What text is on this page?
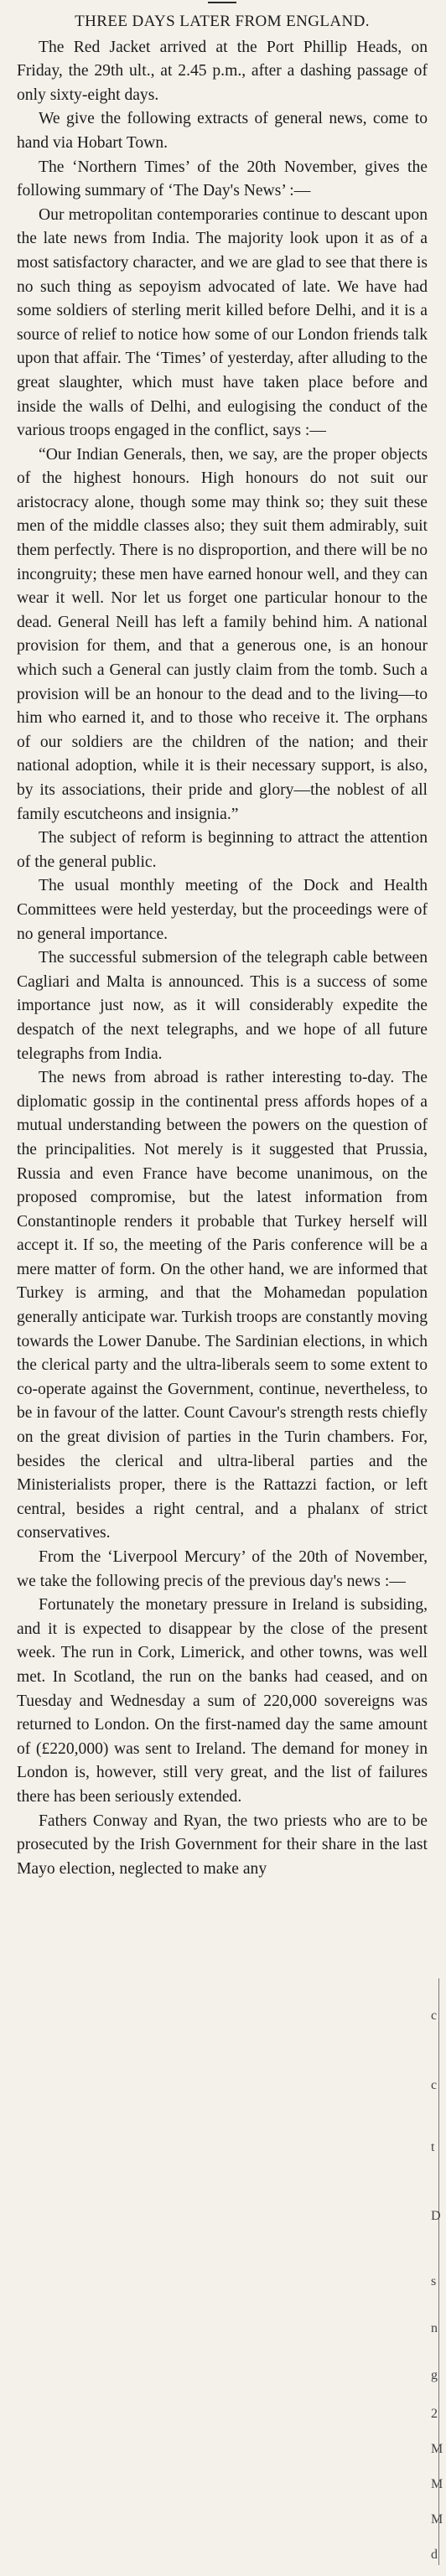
THREE DAYS LATER FROM ENGLAND.

The Red Jacket arrived at the Port Phillip Heads, on Friday, the 29th ult., at 2.45 p.m., after a dashing passage of only sixty-eight days.

We give the following extracts of general news, come to hand via Hobart Town.

The ‘Northern Times’ of the 20th November, gives the following summary of ‘The Day's News’ :—

Our metropolitan contemporaries continue to descant upon the late news from India. The majority look upon it as of a most satisfactory character, and we are glad to see that there is no such thing as sepoyism advocated of late. We have had some soldiers of sterling merit killed before Delhi, and it is a source of relief to notice how some of our London friends talk upon that affair. The ‘Times’ of yesterday, after alluding to the great slaughter, which must have taken place before and inside the walls of Delhi, and eulogising the conduct of the various troops engaged in the conflict, says :—

“Our Indian Generals, then, we say, are the proper objects of the highest honours. High honours do not suit our aristocracy alone, though some may think so; they suit these men of the middle classes also; they suit them admirably, suit them perfectly. There is no disproportion, and there will be no incongruity; these men have earned honour well, and they can wear it well. Nor let us forget one particular honour to the dead. General Neill has left a family behind him. A national provision for them, and that a generous one, is an honour which such a General can justly claim from the tomb. Such a provision will be an honour to the dead and to the living—to him who earned it, and to those who receive it. The orphans of our soldiers are the children of the nation; and their national adoption, while it is their necessary support, is also, by its associations, their pride and glory—the noblest of all family escutcheons and insignia.”

The subject of reform is beginning to attract the attention of the general public.

The usual monthly meeting of the Dock and Health Committees were held yesterday, but the proceedings were of no general importance.

The successful submersion of the telegraph cable between Cagliari and Malta is announced. This is a success of some importance just now, as it will considerably expedite the despatch of the next telegraphs, and we hope of all future telegraphs from India.

The news from abroad is rather interesting to-day. The diplomatic gossip in the continental press affords hopes of a mutual understanding between the powers on the question of the principalities. Not merely is it suggested that Prussia, Russia and even France have become unanimous, on the proposed compromise, but the latest information from Constantinople renders it probable that Turkey herself will accept it. If so, the meeting of the Paris conference will be a mere matter of form. On the other hand, we are informed that Turkey is arming, and that the Mohamedan population generally anticipate war. Turkish troops are constantly moving towards the Lower Danube. The Sardinian elections, in which the clerical party and the ultra-liberals seem to some extent to co-operate against the Government, continue, nevertheless, to be in favour of the latter. Count Cavour's strength rests chiefly on the great division of parties in the Turin chambers. For, besides the clerical and ultra-liberal parties and the Ministerialists proper, there is the Rattazzi faction, or left central, besides a right central, and a phalanx of strict conservatives.

From the ‘Liverpool Mercury’ of the 20th of November, we take the following precis of the previous day's news :—

Fortunately the monetary pressure in Ireland is subsiding, and it is expected to disappear by the close of the present week. The run in Cork, Limerick, and other towns, was well met. In Scotland, the run on the banks had ceased, and on Tuesday and Wednesday a sum of 220,000 sovereigns was returned to London. On the first-named day the same amount of (£220,000) was sent to Ireland. The demand for money in London is, however, still very great, and the list of failures there has been seriously extended.

Fathers Conway and Ryan, the two priests who are to be prosecuted by the Irish Government for their share in the last Mayo election, neglected to make any

c
c
t
D
s
n
g
2
M
M
M
d
